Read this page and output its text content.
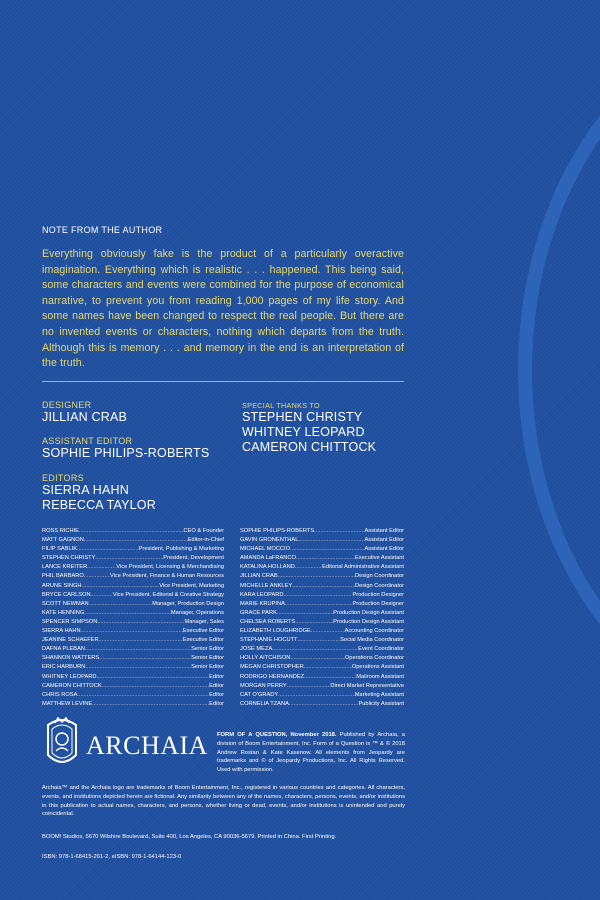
NOTE FROM THE AUTHOR

Everything obviously fake is the product of a particularly overactive imagination. Everything which is realistic . . . happened. This being said, some characters and events were combined for the purpose of economical narrative, to prevent you from reading 1,000 pages of my life story. And some names have been changed to respect the real people. But there are no invented events or characters, nothing which departs from the truth. Although this is memory . . . and memory in the end is an interpretation of the truth.

DESIGNER
JILLIAN CRAB
ASSISTANT EDITOR
SOPHIE PHILIPS-ROBERTS
EDITORS
SIERRA HAHN
REBECCA TAYLOR
SPECIAL THANKS TO
STEPHEN CHRISTY
WHITNEY LEOPARD
CAMERON CHITTOCK
ROSS RICHIE .....	CEO & Founder
MATT GAGNON .....	Editor-in-Chief
FILIP SABLIK .....	President, Publishing & Marketing
STEPHEN CHRISTY .....	President, Development
LANCE KREITER .....	Vice President, Licensing & Merchandising
PHIL BARBARO .....	Vice President, Finance & Human Resources
ARUNE SINGH .....	Vice President, Marketing
BRYCE CARLSON .....	Vice President, Editorial & Creative Strategy
SCOTT NEWMAN .....	Manager, Production Design
KATE HENNING .....	Manager, Operations
SPENCER SIMPSON .....	Manager, Sales
SIERRA HAHN .....	Executive Editor
JEANINE SCHAEFER .....	Executive Editor
DAFNA PLEBAN .....	Senior Editor
SHANNON WATTERS .....	Senior Editor
ERIC HARBURN .....	Senior Editor
WHITNEY LEOPARD .....	Editor
CAMERON CHITTOCK .....	Editor
CHRIS ROSA .....	Editor
MATTHEW LEVINE .....	Editor
SOPHIE PHILIPS-ROBERTS .....	Assistant Editor
GAVIN GRONENTHAL .....	Assistant Editor
MICHAEL MOCCIO .....	Assistant Editor
AMANDA LaFRANCO .....	Executive Assistant
KATALINA HOLLAND .....	Editorial Administrative Assistant
JILLIAN CRAB .....	Design Coordinator
MICHELLE ANKLEY .....	Design Coordinator
KARA LEOPARD .....	Production Designer
MARIE KRUPINA .....	Production Designer
GRACE PARK .....	Production Design Assistant
CHELSEA ROBERTS .....	Production Design Assistant
ELIZABETH LOUGHRIDGE .....	Accounting Coordinator
STEPHANIE HOCUTT .....	Social Media Coordinator
JOSÉ MEZA .....	Event Coordinator
HOLLY AITCHISON .....	Operations Coordinator
MEGAN CHRISTOPHER .....	Operations Assistant
RODRIGO HERNANDEZ .....	Mailroom Assistant
MORGAN PERRY .....	Direct Market Representative
CAT O'GRADY .....	Marketing Assistant
CORNELIA TZANA .....	Publicity Assistant
ARCHAIA FORM OF A QUESTION, November 2018. Published by Archaia, a division of Boom Entertainment, Inc. Form of a Question is ™ & © 2018 Andrew Rostan & Kate Kasenow. All elements from Jeopardy are trademarks and © of Jeopardy Productions, Inc. All Rights Reserved. Used with permission.

Archaia™ and the Archaia logo are trademarks of Boom Entertainment, Inc., registered in various countries and categories. All characters, events, and institutions depicted herein are fictional. Any similarity between any of the names, characters, persons, events, and/or institutions in this publication to actual names, characters, and persons, whether living or dead, events, and/or institutions is unintended and purely coincidental.

BOOM! Studios, 5670 Wilshire Boulevard, Suite 400, Los Angeles, CA 90036-5679. Printed in China. First Printing.
ISBN: 978-1-68415-261-2, eISBN: 978-1-64144-123-0
